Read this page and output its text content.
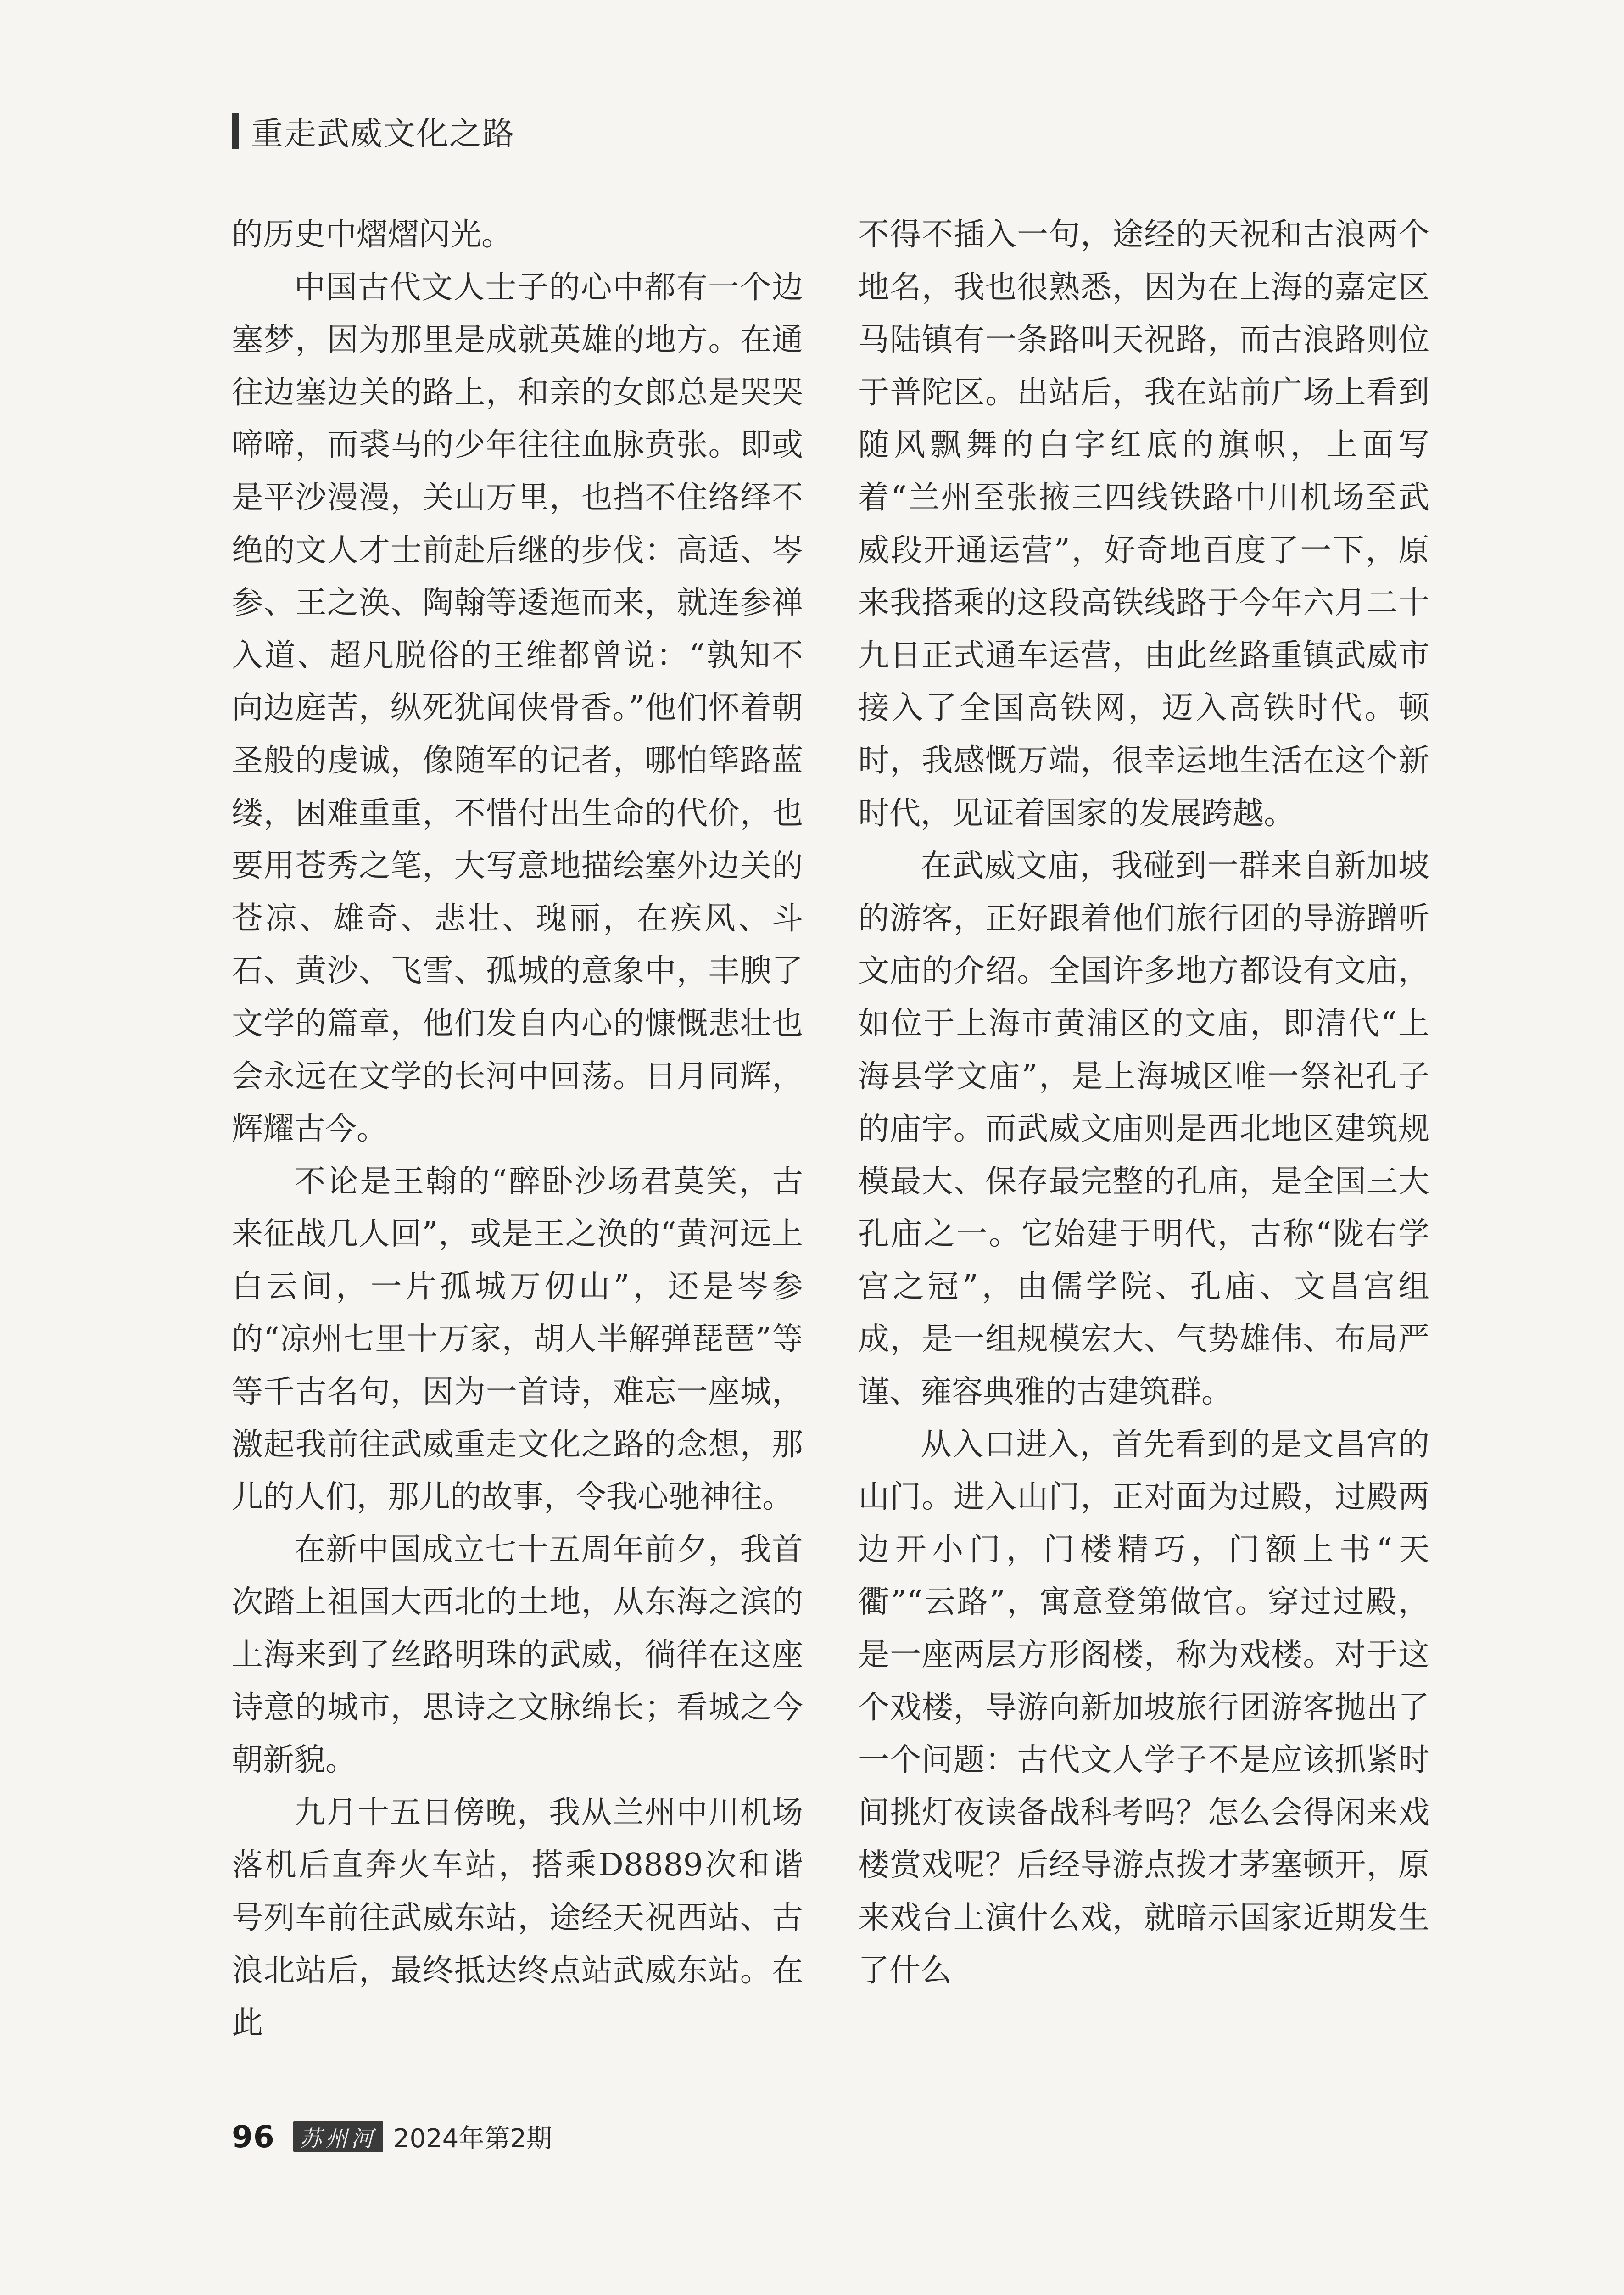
重走武威文化之路

的历史中熠熠闪光。

中国古代文人士子的心中都有一个边塞梦，因为那里是成就英雄的地方。在通往边塞边关的路上，和亲的女郎总是哭哭啼啼，而裘马的少年往往血脉贲张。即或是平沙漫漫，关山万里，也挡不住络绎不绝的文人才士前赴后继的步伐：高适、岑参、王之涣、陶翰等逶迤而来，就连参禅入道、超凡脱俗的王维都曾说：“孰知不向边庭苦，纵死犹闻侠骨香。”他们怀着朝圣般的虔诚，像随军的记者，哪怕筚路蓝缕，困难重重，不惜付出生命的代价，也要用苍秀之笔，大写意地描绘塞外边关的苍凉、雄奇、悲壮、瑰丽，在疾风、斗石、黄沙、飞雪、孤城的意象中，丰腴了文学的篇章，他们发自内心的慷慨悲壮也会永远在文学的长河中回荡。日月同辉，辉耀古今。

不论是王翰的“醉卧沙场君莫笑，古来征战几人回”，或是王之涣的“黄河远上白云间，一片孤城万仞山”，还是岑参的“凉州七里十万家，胡人半解弹琵琶”等等千古名句，因为一首诗，难忘一座城，激起我前往武威重走文化之路的念想，那儿的人们，那儿的故事，令我心驰神往。

在新中国成立七十五周年前夕，我首次踏上祖国大西北的土地，从东海之滨的上海来到了丝路明珠的武威，徜徉在这座诗意的城市，思诗之文脉绵长；看城之今朝新貌。

九月十五日傍晚，我从兰州中川机场落机后直奔火车站，搭乘D8889次和谐号列车前往武威东站，途经天祝西站、古浪北站后，最终抵达终点站武威东站。在此

不得不插入一句，途经的天祝和古浪两个地名，我也很熟悉，因为在上海的嘉定区马陆镇有一条路叫天祝路，而古浪路则位于普陀区。出站后，我在站前广场上看到随风飘舞的白字红底的旗帜，上面写着“兰州至张掖三四线铁路中川机场至武威段开通运营”，好奇地百度了一下，原来我搭乘的这段高铁线路于今年六月二十九日正式通车运营，由此丝路重镇武威市接入了全国高铁网，迈入高铁时代。顿时，我感慨万端，很幸运地生活在这个新时代，见证着国家的发展跨越。

在武威文庙，我碰到一群来自新加坡的游客，正好跟着他们旅行团的导游蹭听文庙的介绍。全国许多地方都设有文庙，如位于上海市黄浦区的文庙，即清代“上海县学文庙”，是上海城区唯一祭祀孔子的庙宇。而武威文庙则是西北地区建筑规模最大、保存最完整的孔庙，是全国三大孔庙之一。它始建于明代，古称“陇右学宫之冠”，由儒学院、孔庙、文昌宫组成，是一组规模宏大、气势雄伟、布局严谨、雍容典雅的古建筑群。

从入口进入，首先看到的是文昌宫的山门。进入山门，正对面为过殿，过殿两边开小门，门楼精巧，门额上书“天衢”“云路”，寓意登第做官。穿过过殿，是一座两层方形阁楼，称为戏楼。对于这个戏楼，导游向新加坡旅行团游客抛出了一个问题：古代文人学子不是应该抓紧时间挑灯夜读备战科考吗？怎么会得闲来戏楼赏戏呢？后经导游点拨才茅塞顿开，原来戏台上演什么戏，就暗示国家近期发生了什么

96 苏州河 2024年第2期
